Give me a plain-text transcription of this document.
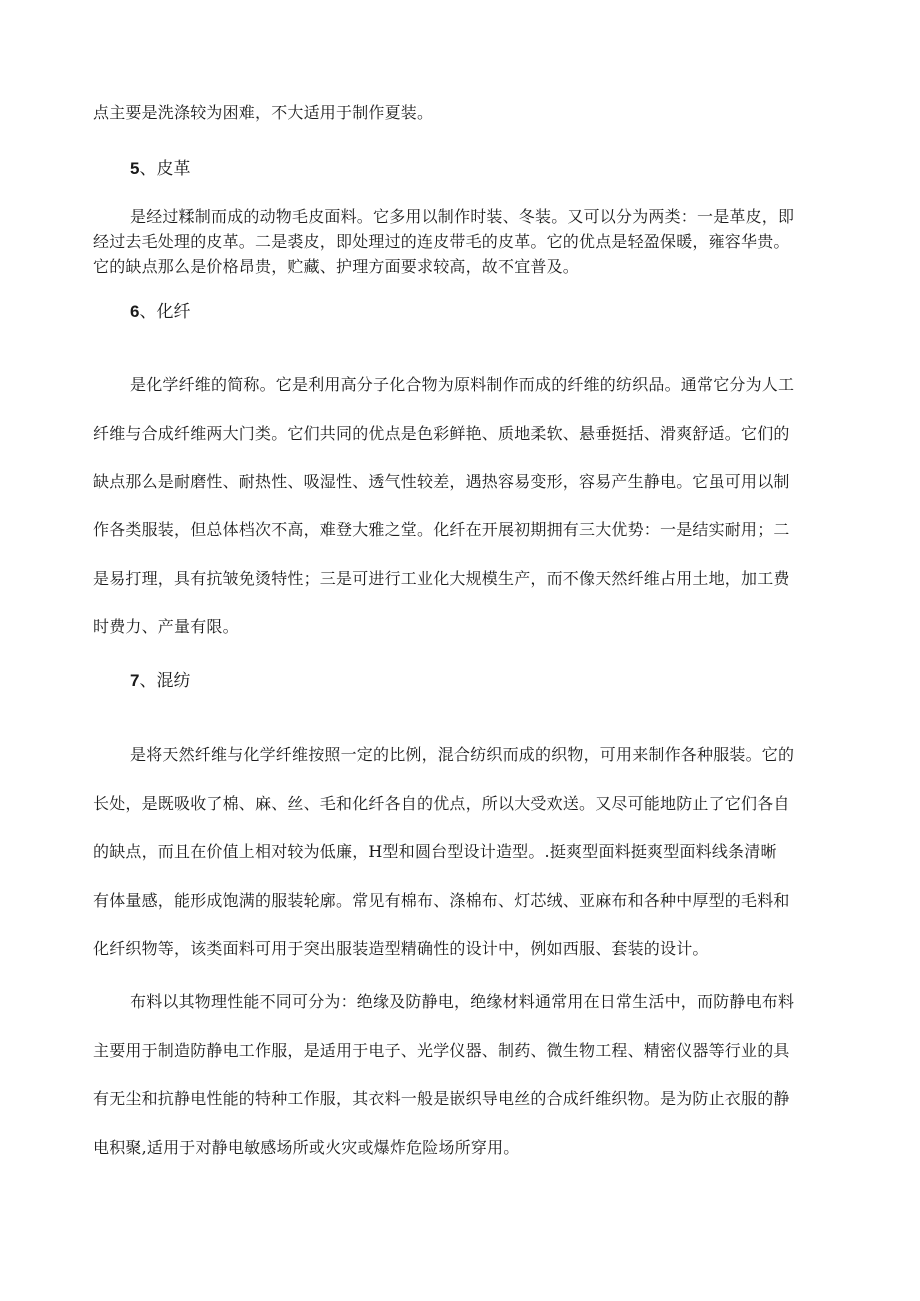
点主要是洗涤较为困难，不大适用于制作夏装。
5、皮革
是经过糅制而成的动物毛皮面料。它多用以制作时装、冬装。又可以分为两类：一是革皮，即
经过去毛处理的皮革。二是裘皮，即处理过的连皮带毛的皮革。它的优点是轻盈保暖，雍容华贵。
它的缺点那么是价格昂贵，贮藏、护理方面要求较高，故不宜普及。
6、化纤
是化学纤维的简称。它是利用高分子化合物为原料制作而成的纤维的纺织品。通常它分为人工
纤维与合成纤维两大门类。它们共同的优点是色彩鲜艳、质地柔软、悬垂挺括、滑爽舒适。它们的
缺点那么是耐磨性、耐热性、吸湿性、透气性较差，遇热容易变形，容易产生静电。它虽可用以制
作各类服装，但总体档次不高，难登大雅之堂。化纤在开展初期拥有三大优势：一是结实耐用；二
是易打理，具有抗皱免烫特性；三是可进行工业化大规模生产，而不像天然纤维占用土地，加工费
时费力、产量有限。
7、混纺
是将天然纤维与化学纤维按照一定的比例，混合纺织而成的织物，可用来制作各种服装。它的
长处，是既吸收了棉、麻、丝、毛和化纤各自的优点，所以大受欢送。又尽可能地防止了它们各自
的缺点，而且在价值上相对较为低廉，H型和圆台型设计造型。.挺爽型面料挺爽型面料线条清晰
有体量感，能形成饱满的服装轮廓。常见有棉布、涤棉布、灯芯绒、亚麻布和各种中厚型的毛料和
化纤织物等，该类面料可用于突出服装造型精确性的设计中，例如西服、套装的设计。
布料以其物理性能不同可分为：绝缘及防静电，绝缘材料通常用在日常生活中，而防静电布料
主要用于制造防静电工作服，是适用于电子、光学仪器、制药、微生物工程、精密仪器等行业的具
有无尘和抗静电性能的特种工作服，其衣料一般是嵌织导电丝的合成纤维织物。是为防止衣服的静
电积聚,适用于对静电敏感场所或火灾或爆炸危险场所穿用。
